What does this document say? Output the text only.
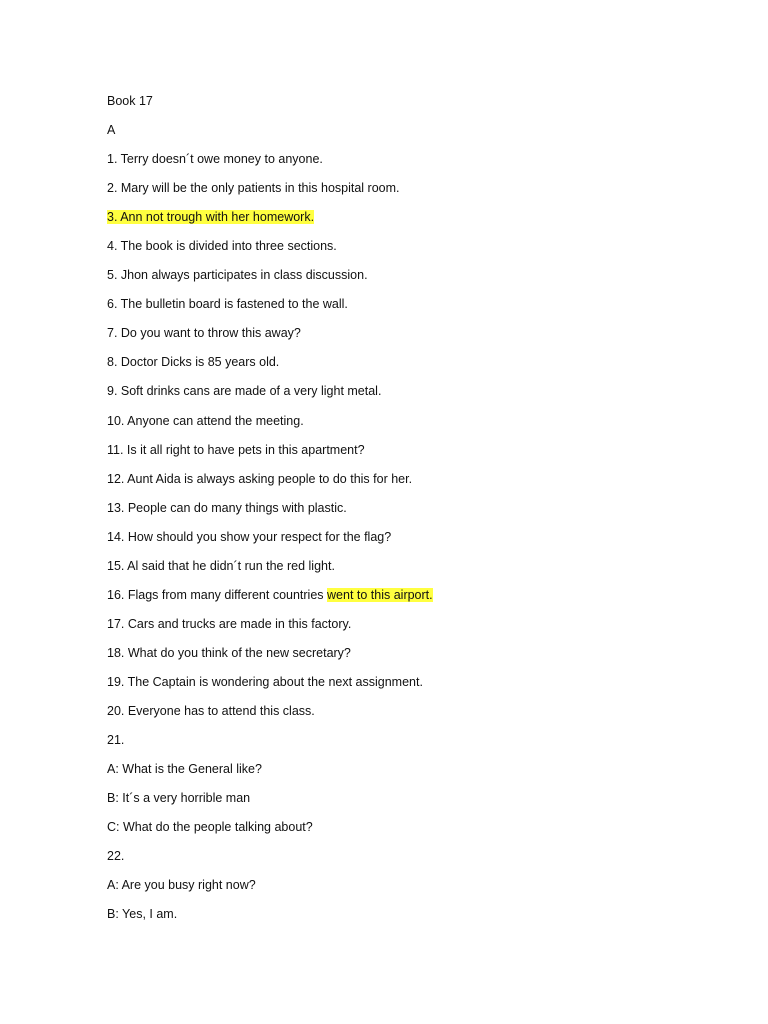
Book 17
A
1. Terry doesn´t owe money to anyone.
2. Mary will be the only patients in this hospital room.
3. Ann not trough with her homework.
4. The book is divided into three sections.
5. Jhon always participates in class discussion.
6. The bulletin board is fastened to the wall.
7. Do you want to throw this away?
8. Doctor Dicks is 85 years old.
9. Soft drinks cans are made of a very light metal.
10. Anyone can attend the meeting.
11. Is it all right to have pets in this apartment?
12. Aunt Aida is always asking people to do this for her.
13. People can do many things with plastic.
14. How should you show your respect for the flag?
15. Al said that he didn´t run the red light.
16. Flags from many different countries went to this airport.
17. Cars and trucks are made in this factory.
18. What do you think of the new secretary?
19. The Captain is wondering about the next assignment.
20. Everyone has to attend this class.
21.
A: What is the General like?
B: It´s a very horrible man
C: What do the people talking about?
22.
A: Are you busy right now?
B: Yes, I am.
